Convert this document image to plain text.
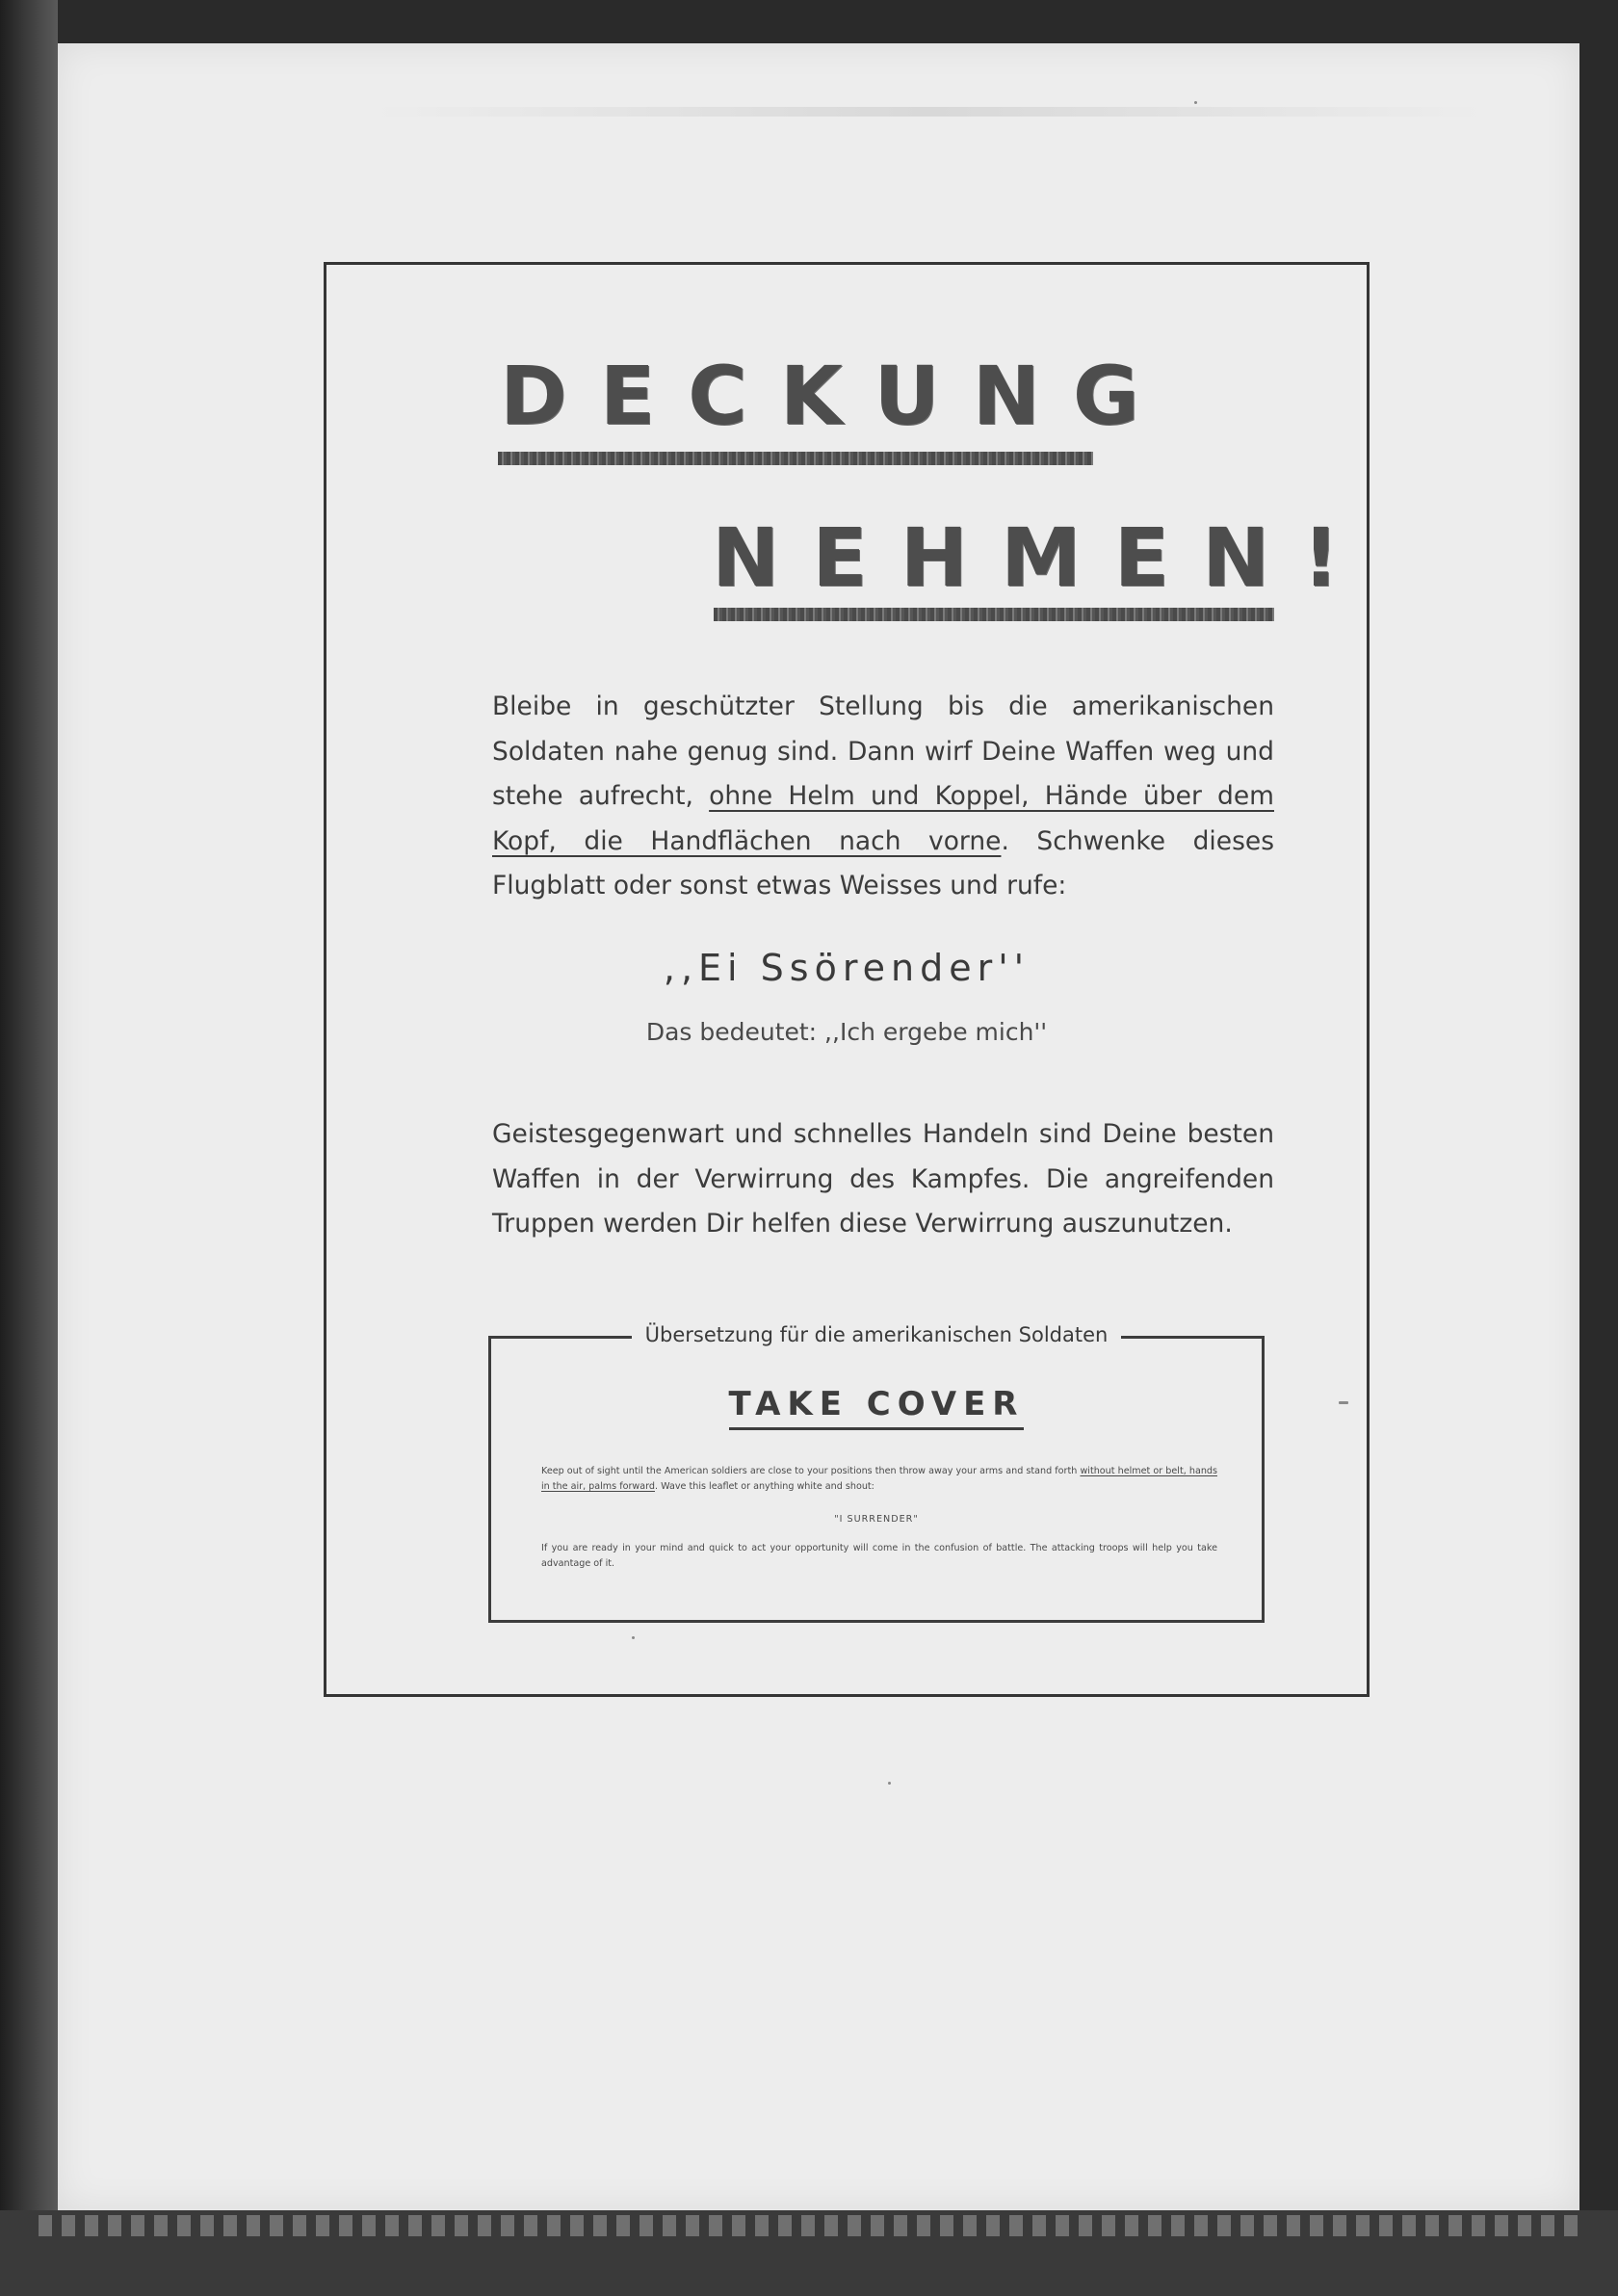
DECKUNG
NEHMEN!
Bleibe in geschützter Stellung bis die amerikanischen Soldaten nahe genug sind. Dann wirf Deine Waffen weg und stehe aufrecht, ohne Helm und Koppel, Hände über dem Kopf, die Handflächen nach vorne. Schwenke dieses Flugblatt oder sonst etwas Weisses und rufe:
,,Ei Ssörender''
Das bedeutet: ,,Ich ergebe mich''
Geistesgegenwart und schnelles Handeln sind Deine besten Waffen in der Verwirrung des Kampfes. Die angreifenden Truppen werden Dir helfen diese Verwirrung auszunutzen.
Übersetzung für die amerikanischen Soldaten
TAKE COVER
Keep out of sight until the American soldiers are close to your positions then throw away your arms and stand forth without helmet or belt, hands in the air, palms forward. Wave this leaflet or anything white and shout:
"I SURRENDER"
If you are ready in your mind and quick to act your opportunity will come in the confusion of battle. The attacking troops will help you take advantage of it.
